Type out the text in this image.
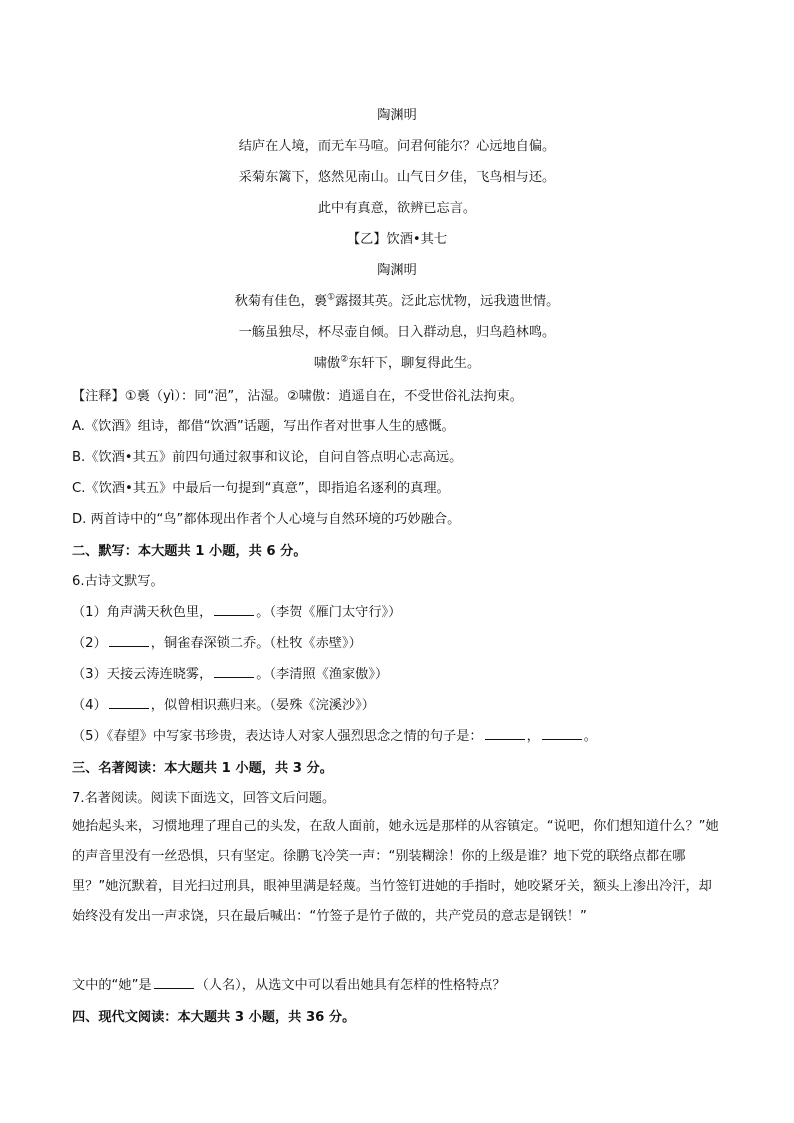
陶渊明
结庐在人境，而无车马喧。问君何能尔？心远地自偏。
采菊东篱下，悠然见南山。山气日夕佳，飞鸟相与还。
此中有真意，欲辨已忘言。
【乙】饮酒•其七
陶渊明
秋菊有佳色，裛①露掇其英。泛此忘忧物，远我遗世情。
一觞虽独尽，杯尽壶自倾。日入群动息，归鸟趋林鸣。
啸傲②东轩下，聊复得此生。
【注释】①裛（yì）：同“浥”，沾湿。②啸傲：逍遥自在，不受世俗礼法拘束。
A.《饮酒》组诗，都借“饮酒”话题，写出作者对世事人生的感慨。
B.《饮酒•其五》前四句通过叙事和议论，自问自答点明心志高远。
C.《饮酒•其五》中最后一句提到“真意”，即指追名逐利的真理。
D. 两首诗中的“鸟”都体现出作者个人心境与自然环境的巧妙融合。
二、默写：本大题共 1 小题，共 6 分。
6.古诗文默写。
（1）角声满天秋色里，	。（李贺《雁门太守行》）
（2）	，铜雀春深锁二乔。（杜牧《赤壁》）
（3）天接云涛连晓雾，	。（李清照《渔家傲》）
（4）	，似曾相识燕归来。（晏殊《浣溪沙》）
（5）《春望》中写家书珍贵，表达诗人对家人强烈思念之情的句子是：	，	。
三、名著阅读：本大题共 1 小题，共 3 分。
7.名著阅读。阅读下面选文，回答文后问题。
她抬起头来，习惯地理了理自己的头发，在敌人面前，她永远是那样的从容镇定。“说吧，你们想知道什么？”她的声音里没有一丝恐惧，只有坚定。徐鹏飞冷笑一声：“别装糊涂！你的上级是谁？地下党的联络点都在哪里？”她沉默着，目光扫过刑具，眼神里满是轻蔑。当竹签钉进她的手指时，她咬紧牙关，额头上渗出冷汗，却始终没有发出一声求饶，只在最后喊出：“竹签子是竹子做的，共产党员的意志是钢铁！”
文中的“她”是	（人名），从选文中可以看出她具有怎样的性格特点？
四、现代文阅读：本大题共 3 小题，共 36 分。
